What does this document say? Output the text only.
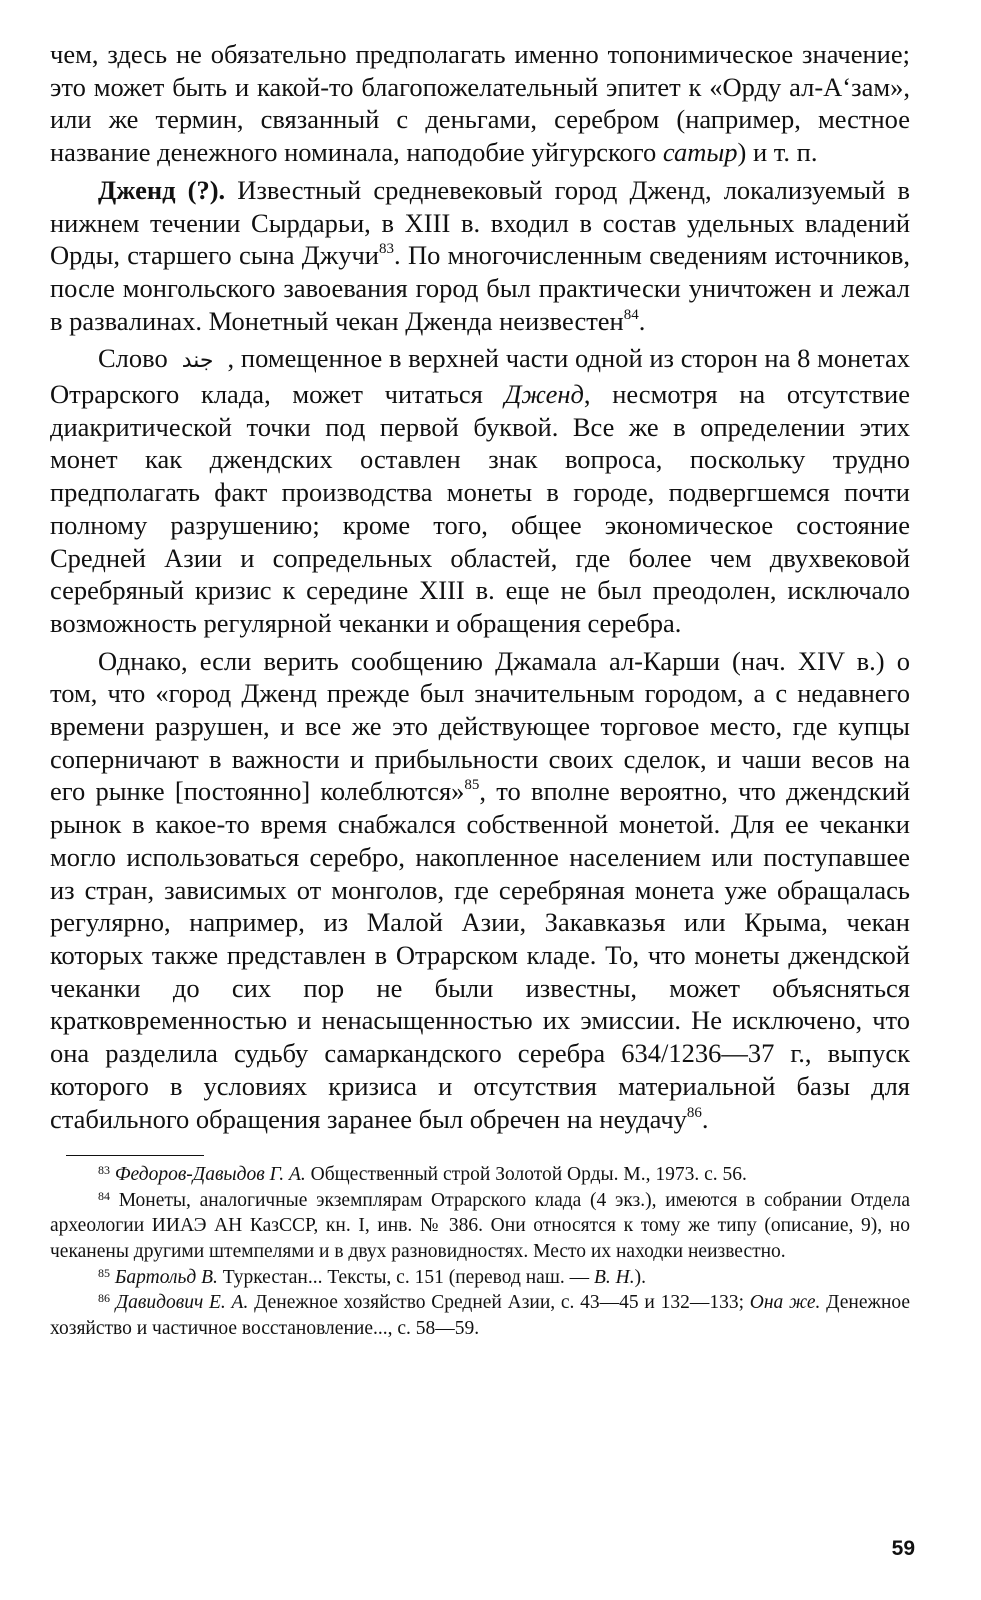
чем, здесь не обязательно предполагать именно топонимическое значение; это может быть и какой-то благопожелательный эпитет к «Орду ал-А‘зам», или же термин, связанный с деньгами, серебром (например, местное название денежного номинала, наподобие уйгурского сатыр) и т. п.

Дженд (?). Известный средневековый город Дженд, локализуемый в нижнем течении Сырдарьи, в XIII в. входил в состав удельных владений Орды, старшего сына Джучи$^{83}$. По многочисленным сведениям источников, после монгольского завоевания город был практически уничтожен и лежал в развалинах. Монетный чекан Дженда неизвестен$^{84}$.

Слово جند , помещенное в верхней части одной из сторон на 8 монетах Отрарского клада, может читаться Дженд, несмотря на отсутствие диакритической точки под первой буквой. Все же в определении этих монет как джендских оставлен знак вопроса, поскольку трудно предполагать факт производства монеты в городе, подвергшемся почти полному разрушению; кроме того, общее экономическое состояние Средней Азии и сопредельных областей, где более чем двухвековой серебряный кризис к середине XIII в. еще не был преодолен, исключало возможность регулярной чеканки и обращения серебра.

Однако, если верить сообщению Джамала ал-Карши (нач. XIV в.) о том, что «город Дженд прежде был значительным городом, а с недавнего времени разрушен, и все же это действующее торговое место, где купцы соперничают в важности и прибыльности своих сделок, и чаши весов на его рынке [постоянно] колеблются»$^{85}$, то вполне вероятно, что джендский рынок в какое-то время снабжался собственной монетой. Для ее чеканки могло использоваться серебро, накопленное населением или поступавшее из стран, зависимых от монголов, где серебряная монета уже обращалась регулярно, например, из Малой Азии, Закавказья или Крыма, чекан которых также представлен в Отрарском кладе. То, что монеты джендской чеканки до сих пор не были известны, может объясняться кратковременностью и ненасыщенностью их эмиссии. Не исключено, что она разделила судьбу самаркандского серебра 634/1236—37 г., выпуск которого в условиях кризиса и отсутствия материальной базы для стабильного обращения заранее был обречен на неудачу$^{86}$.

$^{83}$ Федоров-Давыдов Г. А. Общественный строй Золотой Орды. М., 1973. с. 56.

$^{84}$ Монеты, аналогичные экземплярам Отрарского клада (4 экз.), имеются в собрании Отдела археологии ИИАЭ АН КазССР, кн. I, инв. № 386. Они относятся к тому же типу (описание, 9), но чеканены другими штемпелями и в двух разновидностях. Место их находки неизвестно.

$^{85}$ Бартольд В. Туркестан... Тексты, с. 151 (перевод наш. — В. Н.).

$^{86}$ Давидович Е. А. Денежное хозяйство Средней Азии, с. 43—45 и 132—133; Она же. Денежное хозяйство и частичное восстановление..., с. 58—59.

59
